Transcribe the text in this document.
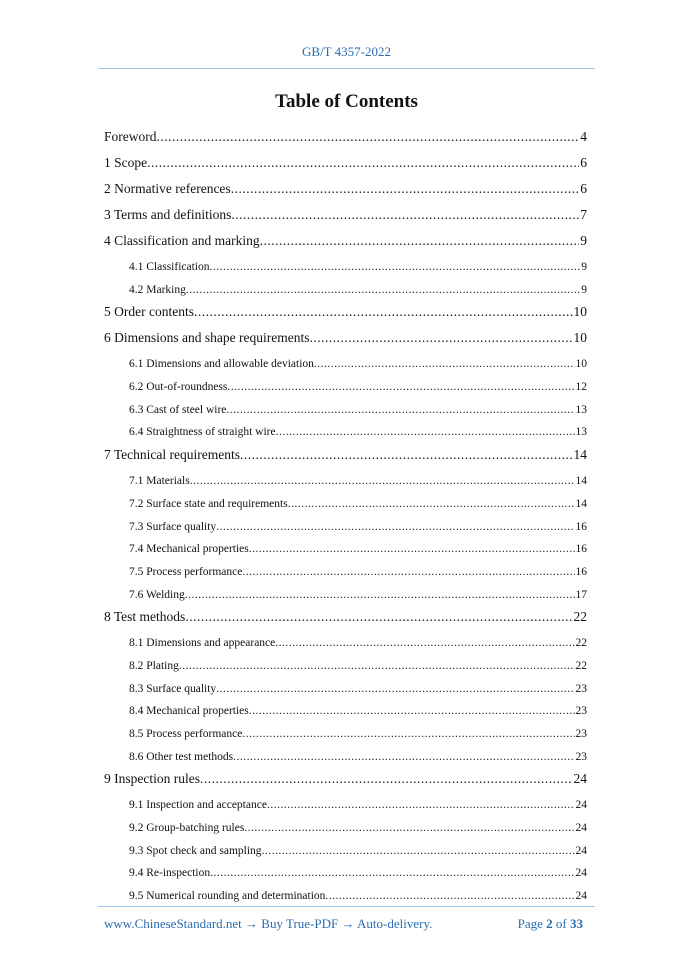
GB/T 4357-2022
Table of Contents
Foreword .....	4
1 Scope .....	6
2 Normative references .....	6
3 Terms and definitions .....	7
4 Classification and marking .....	9
4.1 Classification .....	9
4.2 Marking .....	9
5 Order contents .....	10
6 Dimensions and shape requirements .....	10
6.1 Dimensions and allowable deviation .....	10
6.2 Out-of-roundness .....	12
6.3 Cast of steel wire .....	13
6.4 Straightness of straight wire .....	13
7 Technical requirements .....	14
7.1 Materials .....	14
7.2 Surface state and requirements .....	14
7.3 Surface quality .....	16
7.4 Mechanical properties .....	16
7.5 Process performance .....	16
7.6 Welding .....	17
8 Test methods .....	22
8.1 Dimensions and appearance .....	22
8.2 Plating .....	22
8.3 Surface quality .....	23
8.4 Mechanical properties .....	23
8.5 Process performance .....	23
8.6 Other test methods .....	23
9 Inspection rules .....	24
9.1 Inspection and acceptance .....	24
9.2 Group-batching rules .....	24
9.3 Spot check and sampling .....	24
9.4 Re-inspection .....	24
9.5 Numerical rounding and determination .....	24
www.ChineseStandard.net → Buy True-PDF → Auto-delivery.	Page 2 of 33
